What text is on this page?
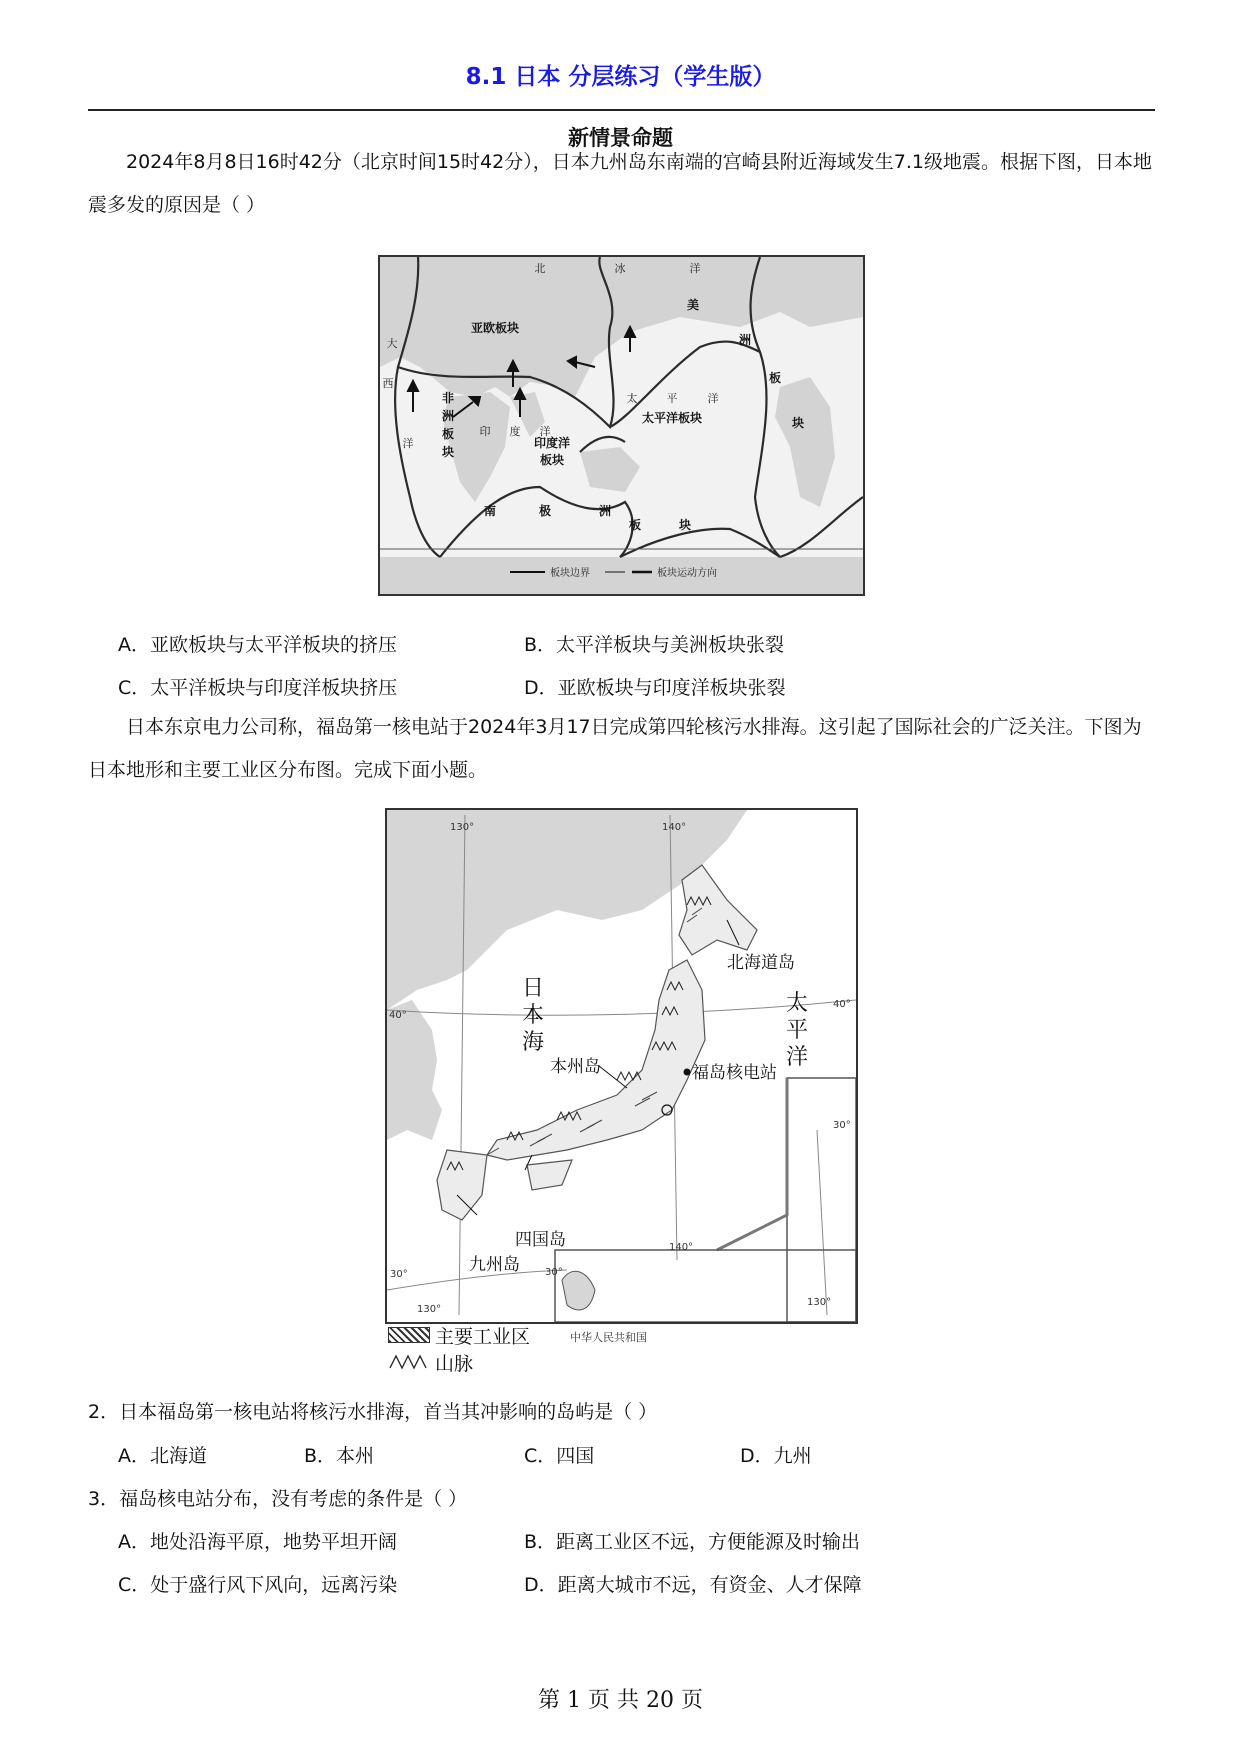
8.1 日本 分层练习（学生版）
新情景命题
2024年8月8日16时42分（北京时间15时42分），日本九州岛东南端的宫崎县附近海域发生7.1级地震。根据下图，日本地震多发的原因是（ ）
北	冰	洋
大
西
洋
印 度 洋
太	平	洋
亚欧板块
太平洋板块
非
洲
板
块
美
洲
板
块
印度洋
板块
南	极	洲
板	块
板块边界	板块运动方向
A．亚欧板块与太平洋板块的挤压	B．太平洋板块与美洲板块张裂
C．太平洋板块与印度洋板块挤压	D．亚欧板块与印度洋板块张裂
日本东京电力公司称，福岛第一核电站于2024年3月17日完成第四轮核污水排海。这引起了国际社会的广泛关注。下图为日本地形和主要工业区分布图。完成下面小题。
130°	140°
40°
40°
30°
30°	30°
130°
140°
130°
日
本
海
太
平
洋
北海道岛
本州岛	福岛核电站
四国岛
九州岛
主要工业区
山脉
中华人民共和国
2．日本福岛第一核电站将核污水排海，首当其冲影响的岛屿是（ ）
A．北海道	B．本州	C．四国	D．九州
3．福岛核电站分布，没有考虑的条件是（ ）
A．地处沿海平原，地势平坦开阔	B．距离工业区不远，方便能源及时输出
C．处于盛行风下风向，远离污染	D．距离大城市不远，有资金、人才保障
第 1 页 共 20 页
